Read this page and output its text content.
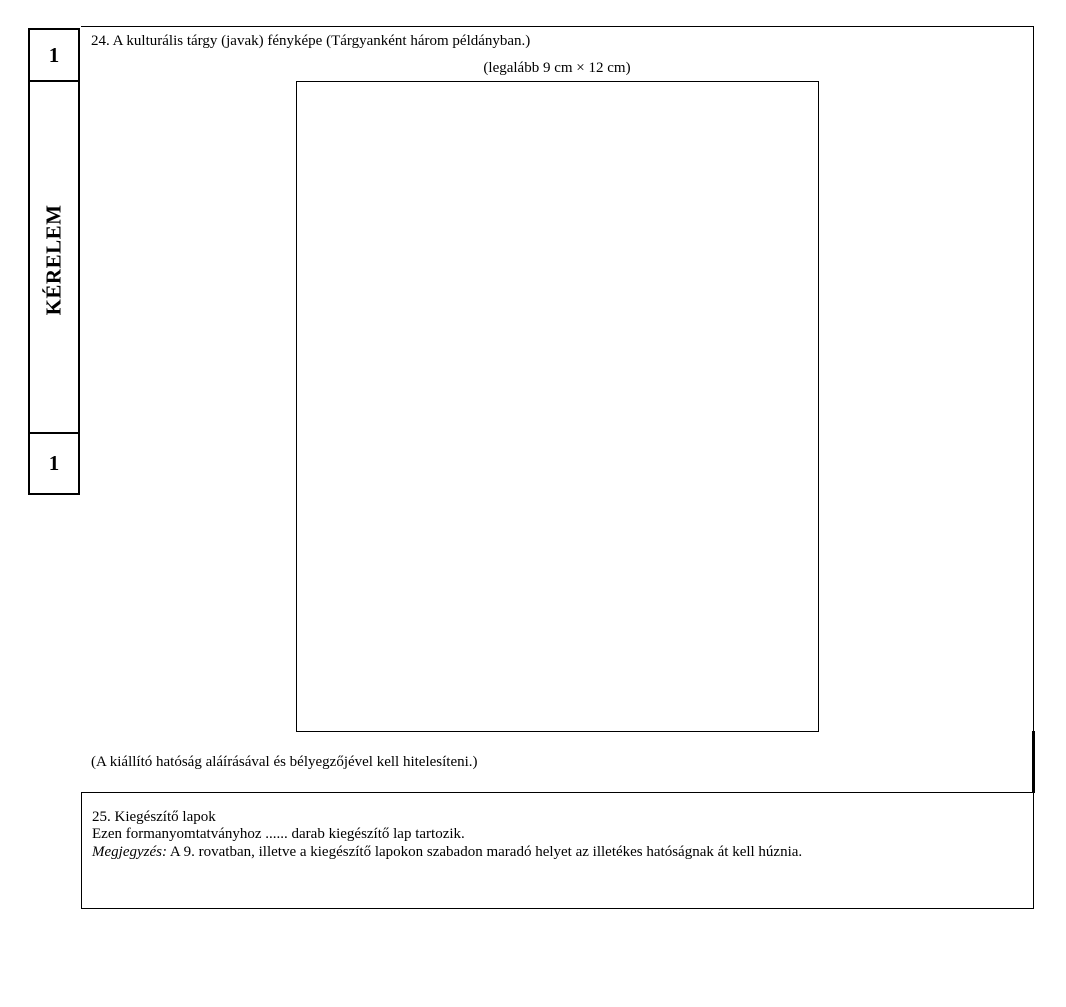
1
KÉRELEM
1
24. A kulturális tárgy (javak) fényképe (Tárgyanként három példányban.)
(legalább 9 cm × 12 cm)
(A kiállító hatóság aláírásával és bélyegzőjével kell hitelesíteni.)
25. Kiegészítő lapok
Ezen formanyomtatványhoz ...... darab kiegészítő lap tartozik.
Megjegyzés: A 9. rovatban, illetve a kiegészítő lapokon szabadon maradó helyet az illetékes hatóságnak át kell húznia.
